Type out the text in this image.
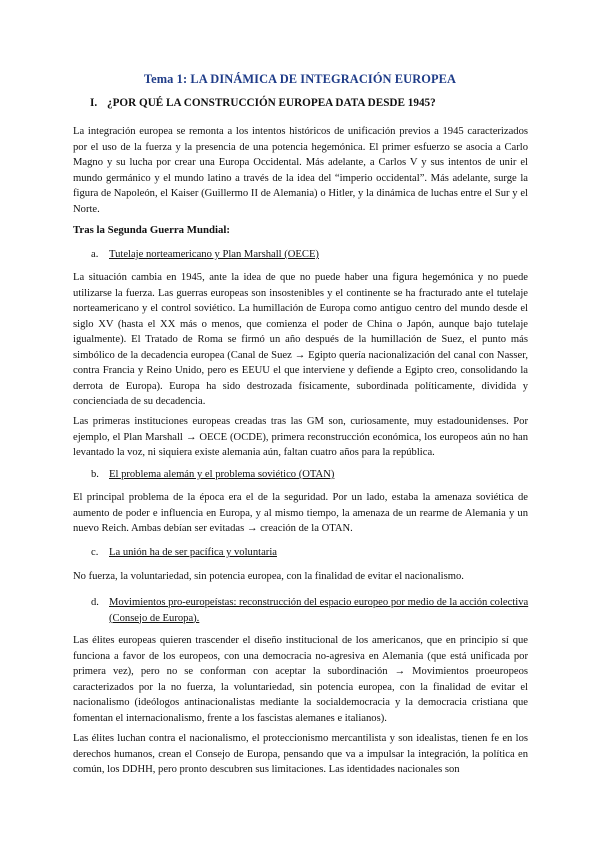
Tema 1: LA DINÁMICA DE INTEGRACIÓN EUROPEA
I. ¿POR QUÉ LA CONSTRUCCIÓN EUROPEA DATA DESDE 1945?

La integración europea se remonta a los intentos históricos de unificación previos a 1945 caracterizados por el uso de la fuerza y la presencia de una potencia hegemónica. El primer esfuerzo se asocia a Carlo Magno y su lucha por crear una Europa Occidental. Más adelante, a Carlos V y sus intentos de unir el mundo germánico y el mundo latino a través de la idea del “imperio occidental”. Más adelante, surge la figura de Napoleón, el Kaiser (Guillermo II de Alemania) o Hitler, y la dinámica de luchas entre el Sur y el Norte.

Tras la Segunda Guerra Mundial:
a. Tutelaje norteamericano y Plan Marshall (OECE)

La situación cambia en 1945, ante la idea de que no puede haber una figura hegemónica y no puede utilizarse la fuerza. Las guerras europeas son insostenibles y el continente se ha fracturado ante el tutelaje norteamericano y el control soviético. La humillación de Europa como antiguo centro del mundo desde el siglo XV (hasta el XX más o menos, que comienza el poder de China o Japón, aunque bajo tutelaje igualmente). El Tratado de Roma se firmó un año después de la humillación de Suez, el punto más simbólico de la decadencia europea (Canal de Suez → Egipto quería nacionalización del canal con Nasser, contra Francia y Reino Unido, pero es EEUU el que interviene y defiende a Egipto creo, consolidando la derrota de Europa). Europa ha sido destrozada físicamente, subordinada políticamente, dividida y concienciada de su decadencia.

Las primeras instituciones europeas creadas tras las GM son, curiosamente, muy estadounidenses. Por ejemplo, el Plan Marshall → OECE (OCDE), primera reconstrucción económica, los europeos aún no han levantado la voz, ni siquiera existe alemania aún, faltan cuatro años para la república.

b. El problema alemán y el problema soviético (OTAN)

El principal problema de la época era el de la seguridad. Por un lado, estaba la amenaza soviética de aumento de poder e influencia en Europa, y al mismo tiempo, la amenaza de un rearme de Alemania y un nuevo Reich. Ambas debían ser evitadas → creación de la OTAN.

c. La unión ha de ser pacífica y voluntaria

No fuerza, la voluntariedad, sin potencia europea, con la finalidad de evitar el nacionalismo.

d. Movimientos pro-europeístas: reconstrucción del espacio europeo por medio de la acción colectiva (Consejo de Europa).

Las élites europeas quieren trascender el diseño institucional de los americanos, que en principio sí que funciona a favor de los europeos, con una democracia no-agresiva en Alemania (que está unificada por primera vez), pero no se conforman con aceptar la subordinación → Movimientos proeuropeos caracterizados por la no fuerza, la voluntariedad, sin potencia europea, con la finalidad de evitar el nacionalismo (ideólogos antinacionalistas mediante la socialdemocracia y la democracia cristiana que fomentan el internacionalismo, frente a los fascistas alemanes e italianos).

Las élites luchan contra el nacionalismo, el proteccionismo mercantilista y son idealistas, tienen fe en los derechos humanos, crean el Consejo de Europa, pensando que va a impulsar la integración, la política en común, los DDHH, pero pronto descubren sus limitaciones. Las identidades nacionales son
